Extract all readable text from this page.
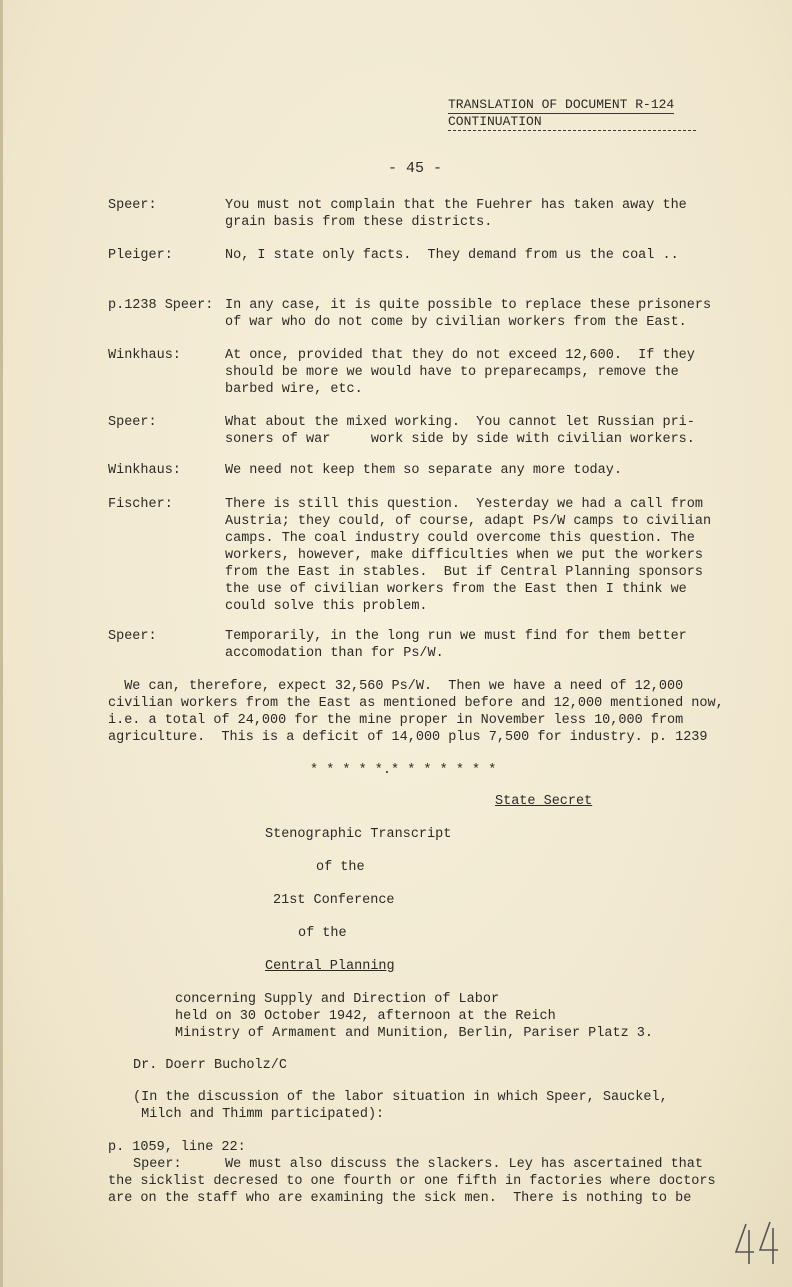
TRANSLATION OF DOCUMENT R-124
CONTINUATION
- 45 -
Speer:	You must not complain that the Fuehrer has taken away the
grain basis from these districts.
Pleiger:	No, I state only facts.  They demand from us the coal ..
p.1238 Speer: In any case, it is quite possible to replace these prisoners
of war who do not come by civilian workers from the East.
Winkhaus:	At once, provided that they do not exceed 12,600.  If they
should be more we would have to preparecamps, remove the
barbed wire, etc.
Speer:	What about the mixed working.  You cannot let Russian pri-
soners of war     work side by side with civilian workers.
Winkhaus:	We need not keep them so separate any more today.
Fischer:	There is still this question.  Yesterday we had a call from
Austria; they could, of course, adapt Ps/W camps to civilian
camps. The coal industry could overcome this question. The
workers, however, make difficulties when we put the workers
from the East in stables.  But if Central Planning sponsors
the use of civilian workers from the East then I think we
could solve this problem.
Speer:	Temporarily, in the long run we must find for them better
accomodation than for Ps/W.
We can, therefore, expect 32,560 Ps/W.  Then we have a need of 12,000
civilian workers from the East as mentioned before and 12,000 mentioned now,
i.e. a total of 24,000 for the mine proper in November less 10,000 from
agriculture.  This is a deficit of 14,000 plus 7,500 for industry. p. 1239
* * * * *.* * * * * * *
State Secret
Stenographic Transcript
of the
21st Conference
of the
Central Planning
concerning Supply and Direction of Labor
held on 30 October 1942, afternoon at the Reich
Ministry of Armament and Munition, Berlin, Pariser Platz 3.
Dr. Doerr Bucholz/C
(In the discussion of the labor situation in which Speer, Sauckel,
Milch and Thimm participated):
p. 1059, line 22:
Speer:	We must also discuss the slackers. Ley has ascertained that
the sicklist decresed to one fourth or one fifth in factories where doctors
are on the staff who are examining the sick men.  There is nothing to be
